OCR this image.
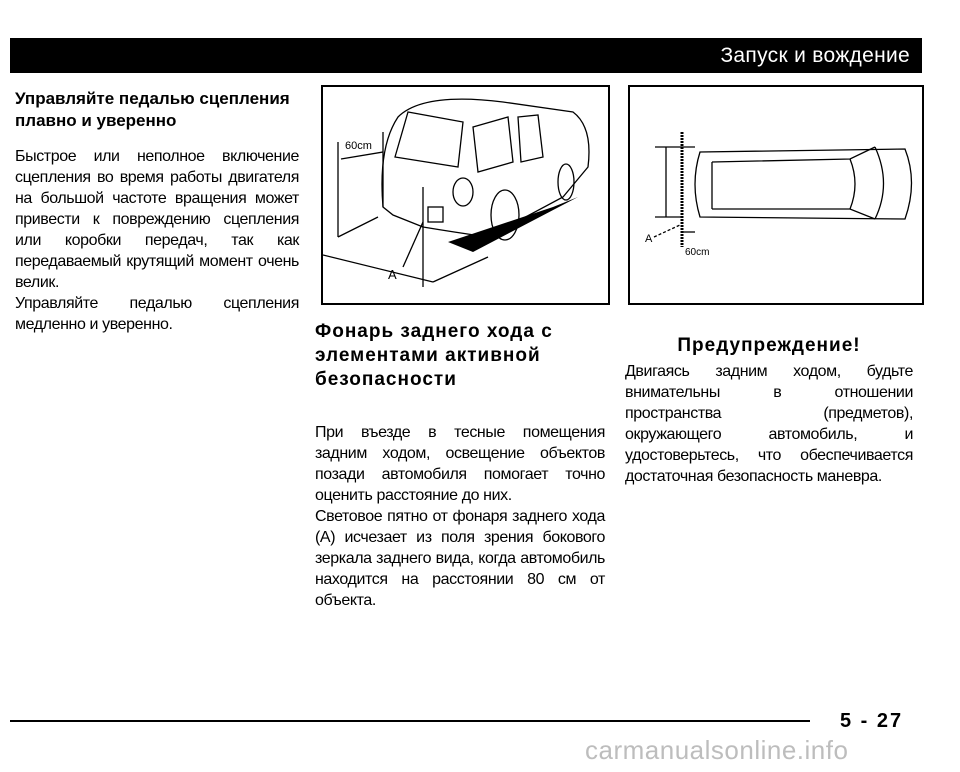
Запуск и вождение

Управляйте педалью сцепления плавно и уверенно

Быстрое или неполное включение сцепления во время работы двигателя на большой частоте вращения может привести к повреждению сцепления или коробки передач, так как передаваемый крутящий момент очень велик.

Управляйте педалью сцепления медленно и уверенно.

60cm
A
A
60cm

Фонарь заднего хода с элементами активной безопасности

При въезде в тесные помещения задним ходом, освещение объектов позади автомобиля помогает точно оценить расстояние до них.

Световое пятно от фонаря заднего хода (A) исчезает из поля зрения бокового зеркала заднего вида, когда автомобиль находится на расстоянии 80 см от объекта.

Предупреждение!

Двигаясь задним ходом, будьте внимательны в отношении пространства (предметов), окружающего автомобиль, и удостоверьтесь, что обеспечивается достаточная безопасность маневра.

5 - 27
carmanualsonline.info
